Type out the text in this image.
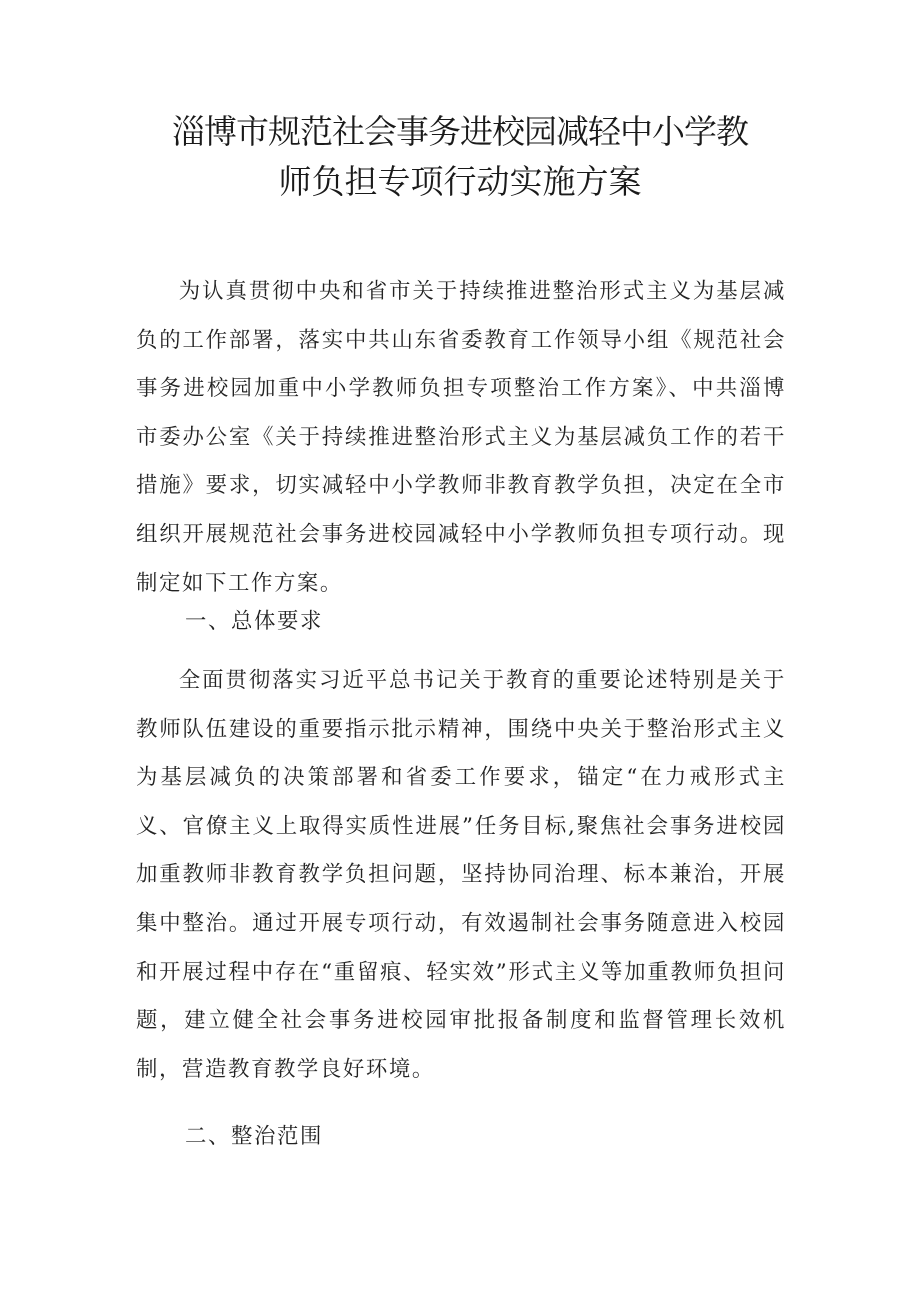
淄博市规范社会事务进校园减轻中小学教
师负担专项行动实施方案

为认真贯彻中央和省市关于持续推进整治形式主义为基层减负的工作部署，落实中共山东省委教育工作领导小组《规范社会事务进校园加重中小学教师负担专项整治工作方案》、中共淄博市委办公室《关于持续推进整治形式主义为基层减负工作的若干措施》要求，切实减轻中小学教师非教育教学负担，决定在全市组织开展规范社会事务进校园减轻中小学教师负担专项行动。现制定如下工作方案。

一、总体要求

全面贯彻落实习近平总书记关于教育的重要论述特别是关于教师队伍建设的重要指示批示精神，围绕中央关于整治形式主义为基层减负的决策部署和省委工作要求，锚定“在力戒形式主义、官僚主义上取得实质性进展”任务目标,聚焦社会事务进校园加重教师非教育教学负担问题，坚持协同治理、标本兼治，开展集中整治。通过开展专项行动，有效遏制社会事务随意进入校园和开展过程中存在“重留痕、轻实效”形式主义等加重教师负担问题，建立健全社会事务进校园审批报备制度和监督管理长效机制，营造教育教学良好环境。

二、整治范围
